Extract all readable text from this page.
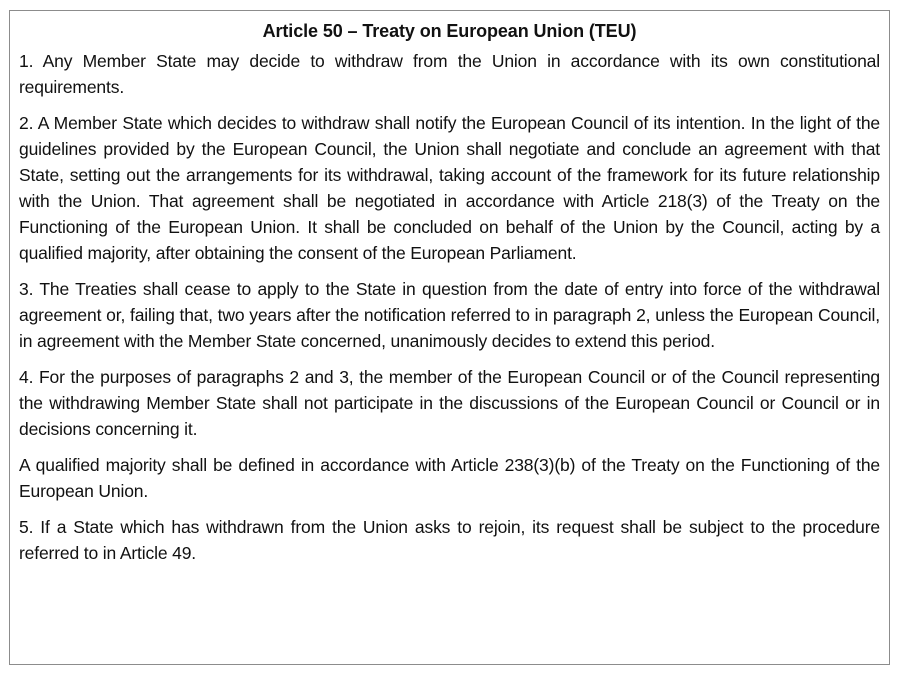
Article 50 – Treaty on European Union (TEU)

1. Any Member State may decide to withdraw from the Union in accordance with its own constitutional requirements.

2. A Member State which decides to withdraw shall notify the European Council of its intention. In the light of the guidelines provided by the European Council, the Union shall negotiate and conclude an agreement with that State, setting out the arrangements for its withdrawal, taking account of the framework for its future relationship with the Union. That agreement shall be negotiated in accordance with Article 218(3) of the Treaty on the Functioning of the European Union. It shall be concluded on behalf of the Union by the Council, acting by a qualified majority, after obtaining the consent of the European Parliament.

3. The Treaties shall cease to apply to the State in question from the date of entry into force of the withdrawal agreement or, failing that, two years after the notification referred to in paragraph 2, unless the European Council, in agreement with the Member State concerned, unanimously decides to extend this period.

4. For the purposes of paragraphs 2 and 3, the member of the European Council or of the Council representing the withdrawing Member State shall not participate in the discussions of the European Council or Council or in decisions concerning it.

A qualified majority shall be defined in accordance with Article 238(3)(b) of the Treaty on the Functioning of the European Union.

5. If a State which has withdrawn from the Union asks to rejoin, its request shall be subject to the procedure referred to in Article 49.
